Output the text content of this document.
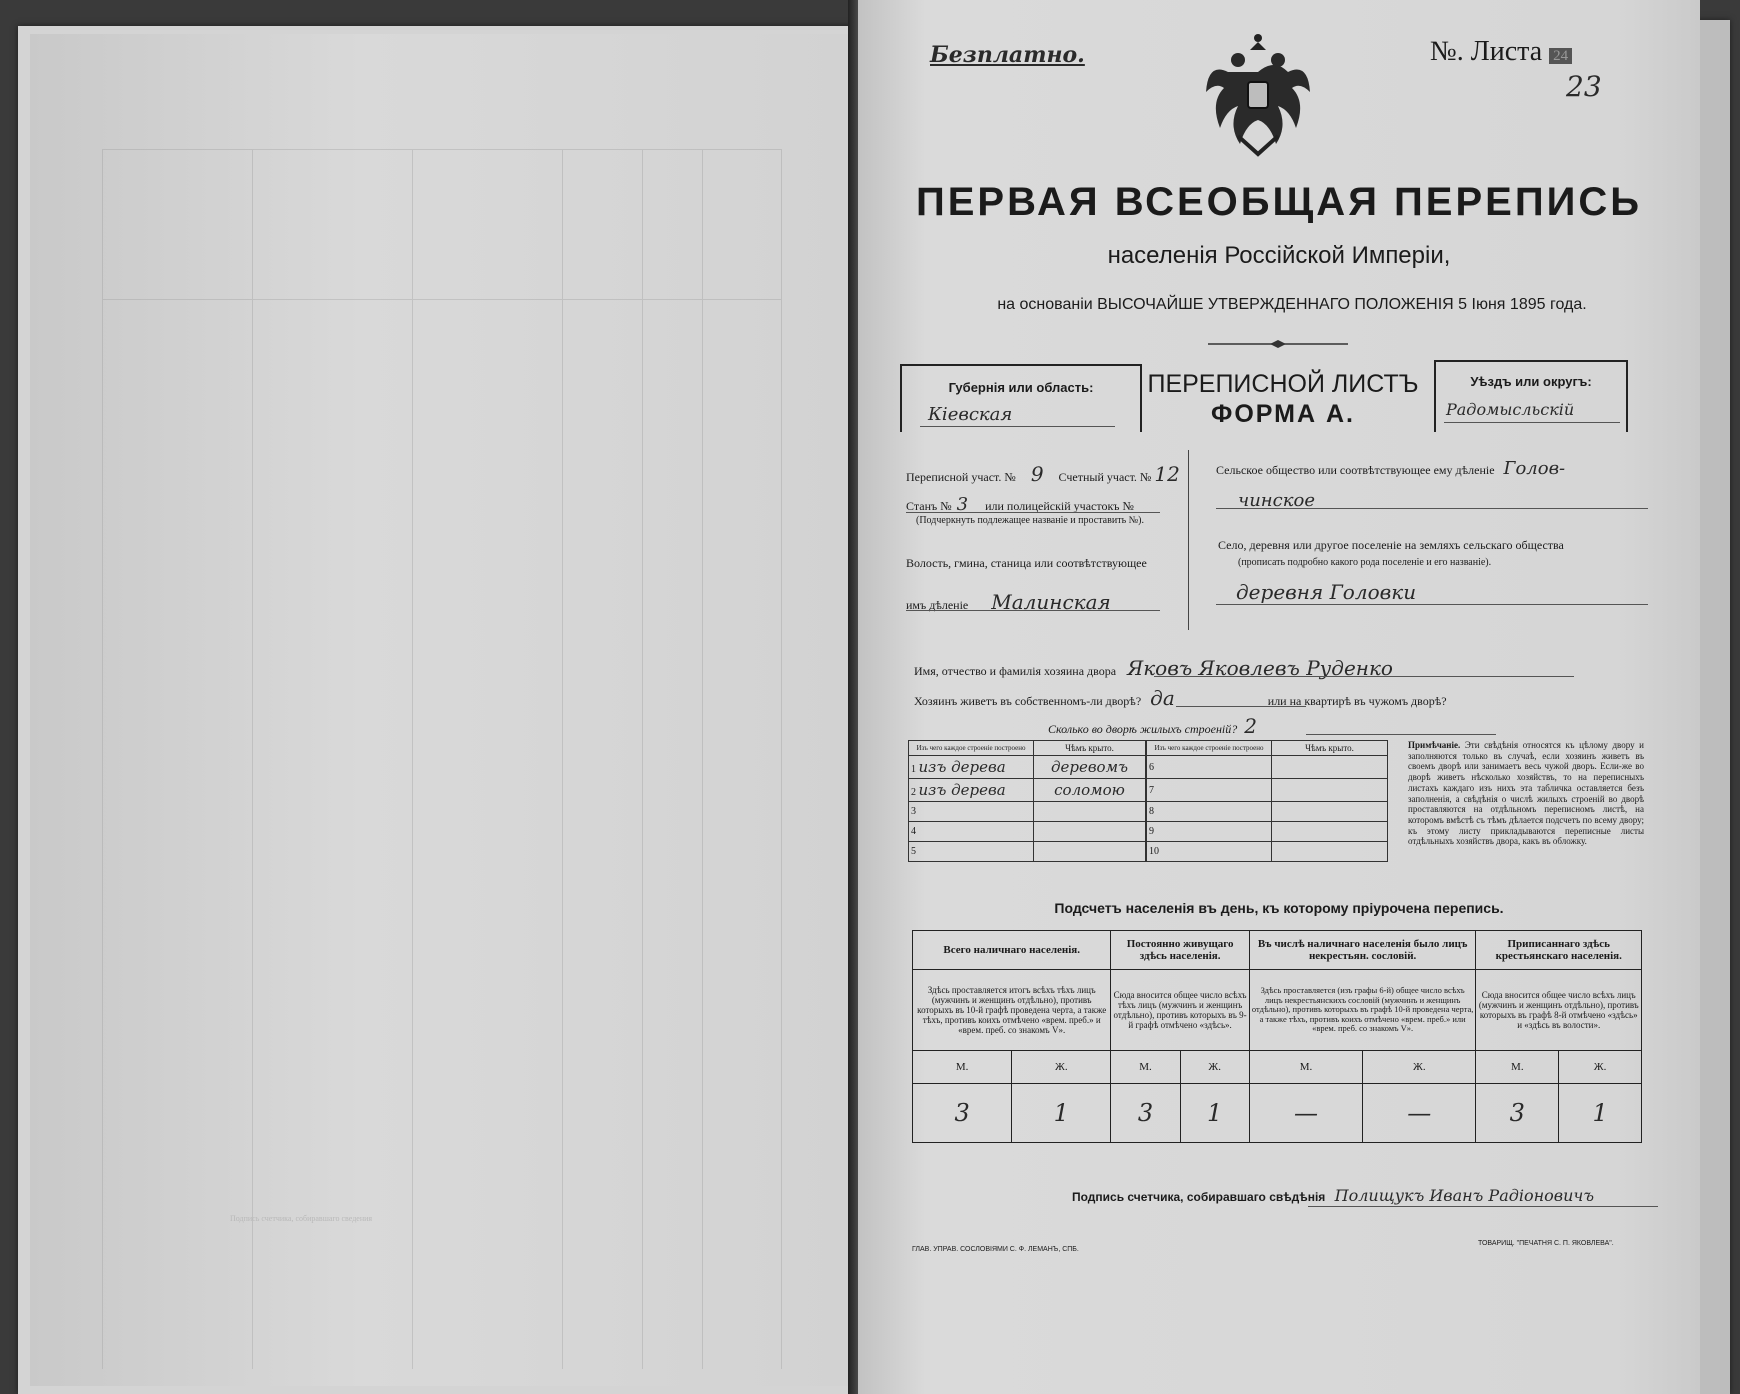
Подпись счетчика, собиравшаго сведения
Безплатно.	№. Листа 24
23
ПЕРВАЯ ВСЕОБЩАЯ ПЕРЕПИСЬ
населенія Россійской Имперіи,
на основаніи ВЫСОЧАЙШЕ УТВЕРЖДЕННАГО ПОЛОЖЕНІЯ 5 Іюня 1895 года.
Губернія или область:
Кіевская
ПЕРЕПИСНОЙ ЛИСТЪ
ФОРМА А.
Уѣздъ или округъ:
Радомысльскій
Переписной участ. № 9 Счетный участ. № 12
Станъ № 3 или полицейскій участокъ №
(Подчеркнуть подлежащее названіе и проставить №).
Волость, гмина, станица или соотвѣтствующее
имъ дѣленіе Малинская
Сельское общество или соотвѣтствующее ему дѣленіе Голов-
чинское
Село, деревня или другое поселеніе на земляхъ сельскаго общества
(прописать подробно какого рода поселеніе и его названіе).
деревня Головки
Имя, отчество и фамилія хозяина двора Яковъ Яковлевъ Руденко
Хозяинъ живетъ въ собственномъ-ли дворѣ? да	или на квартирѣ въ чужомъ дворѣ?
Сколько во дворѣ жилыхъ строеній? 2
Изъ чего каждое строеніе построено	Чѣмъ крыто.
1 изъ дерева	деревомъ
2 изъ дерева	соломою
3	
4	
5	
Изъ чего каждое строеніе построено	Чѣмъ крыто.
6	
7	
8	
9	
10	
Примѣчаніе. Эти свѣдѣнія относятся къ цѣлому двору и заполняются только въ случаѣ, если хозяинъ живетъ въ своемъ дворѣ или занимаетъ весь чужой дворъ. Если-же во дворѣ живетъ нѣсколько хозяйствъ, то на переписныхъ листахъ каждаго изъ нихъ эта табличка оставляется безъ заполненія, а свѣдѣнія о числѣ жилыхъ строеній во дворѣ проставляются на отдѣльномъ переписномъ листѣ, на которомъ вмѣстѣ съ тѣмъ дѣлается подсчетъ по всему двору; къ этому листу прикладываются переписные листы отдѣльныхъ хозяйствъ двора, какъ въ обложку.
Подсчетъ населенія въ день, къ которому пріурочена перепись.
Всего наличнаго населенія.		Постоянно живущаго здѣсь населенія.		Въ числѣ наличнаго населенія было лицъ некрестьян. сословій.		Приписаннаго здѣсь крестьянскаго населенія.	
Здѣсь проставляется итогъ всѣхъ тѣхъ лицъ (мужчинъ и женщинъ отдѣльно), противъ которыхъ въ 10-й графѣ проведена черта, а также тѣхъ, противъ коихъ отмѣчено «врем. преб.» и «врем. преб. со знакомъ V».		Сюда вносится общее число всѣхъ тѣхъ лицъ (мужчинъ и женщинъ отдѣльно), противъ которыхъ въ 9-й графѣ отмѣчено «здѣсь».		Здѣсь проставляется (изъ графы 6-й) общее число всѣхъ лицъ некрестьянскихъ сословій (мужчинъ и женщинъ отдѣльно), противъ которыхъ въ графѣ 10-й проведена черта, а также тѣхъ, противъ коихъ отмѣчено «врем. преб.» или «врем. преб. со знакомъ V».		Сюда вносится общее число всѣхъ лицъ (мужчинъ и женщинъ отдѣльно), противъ которыхъ въ графѣ 8-й отмѣчено «здѣсь» и «здѣсь въ волости».	
М.	Ж.	М.	Ж.	М.	Ж.	М.	Ж.
3	1	3	1	—	—	3	1
Подпись счетчика, собиравшаго свѣдѣнія Полищукъ Иванъ Радіоновичъ
ГЛАВ. УПРАВ. СОСЛОВІЯМИ С. Ф. ЛЕМАНЪ, СПБ.
ТОВАРИЩ. "ПЕЧАТНЯ С. П. ЯКОВЛЕВА".
